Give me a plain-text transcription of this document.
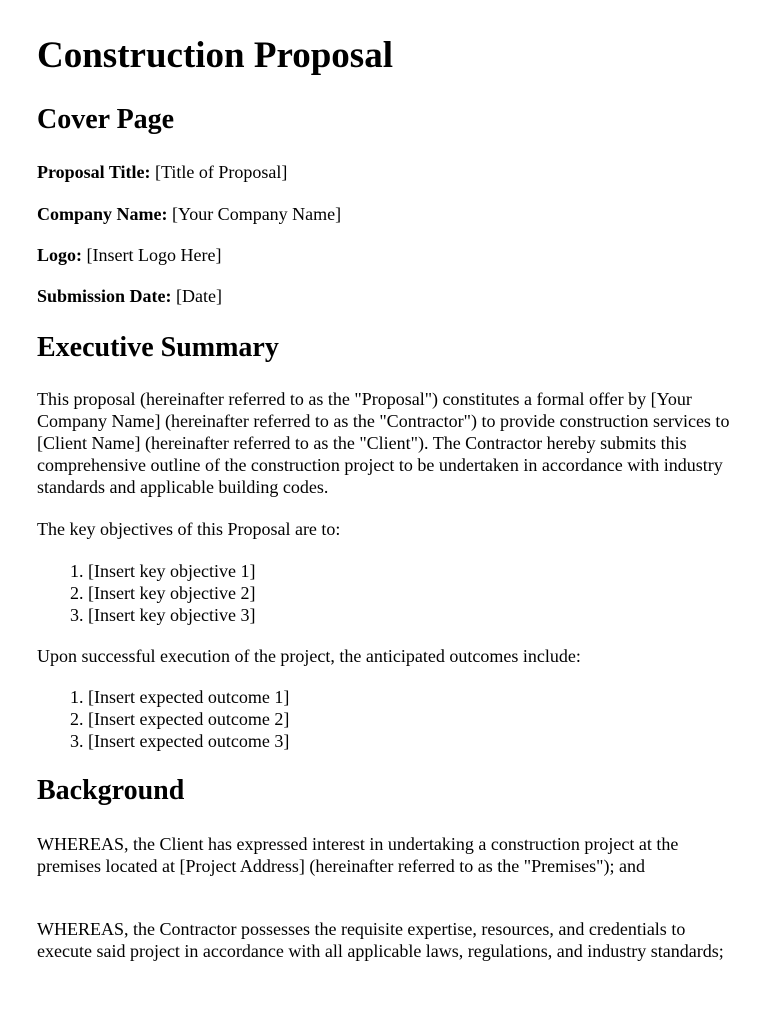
Construction Proposal
Cover Page

Proposal Title: [Title of Proposal]

Company Name: [Your Company Name]

Logo: [Insert Logo Here]

Submission Date: [Date]

Executive Summary

This proposal (hereinafter referred to as the "Proposal") constitutes a formal offer by [Your Company Name] (hereinafter referred to as the "Contractor") to provide construction services to [Client Name] (hereinafter referred to as the "Client"). The Contractor hereby submits this comprehensive outline of the construction project to be undertaken in accordance with industry standards and applicable building codes.

The key objectives of this Proposal are to:

1. [Insert key objective 1]
2. [Insert key objective 2]
3. [Insert key objective 3]

Upon successful execution of the project, the anticipated outcomes include:

1. [Insert expected outcome 1]
2. [Insert expected outcome 2]
3. [Insert expected outcome 3]
Background

WHEREAS, the Client has expressed interest in undertaking a construction project at the premises located at [Project Address] (hereinafter referred to as the "Premises"); and

WHEREAS, the Contractor possesses the requisite expertise, resources, and credentials to execute said project in accordance with all applicable laws, regulations, and industry standards;
